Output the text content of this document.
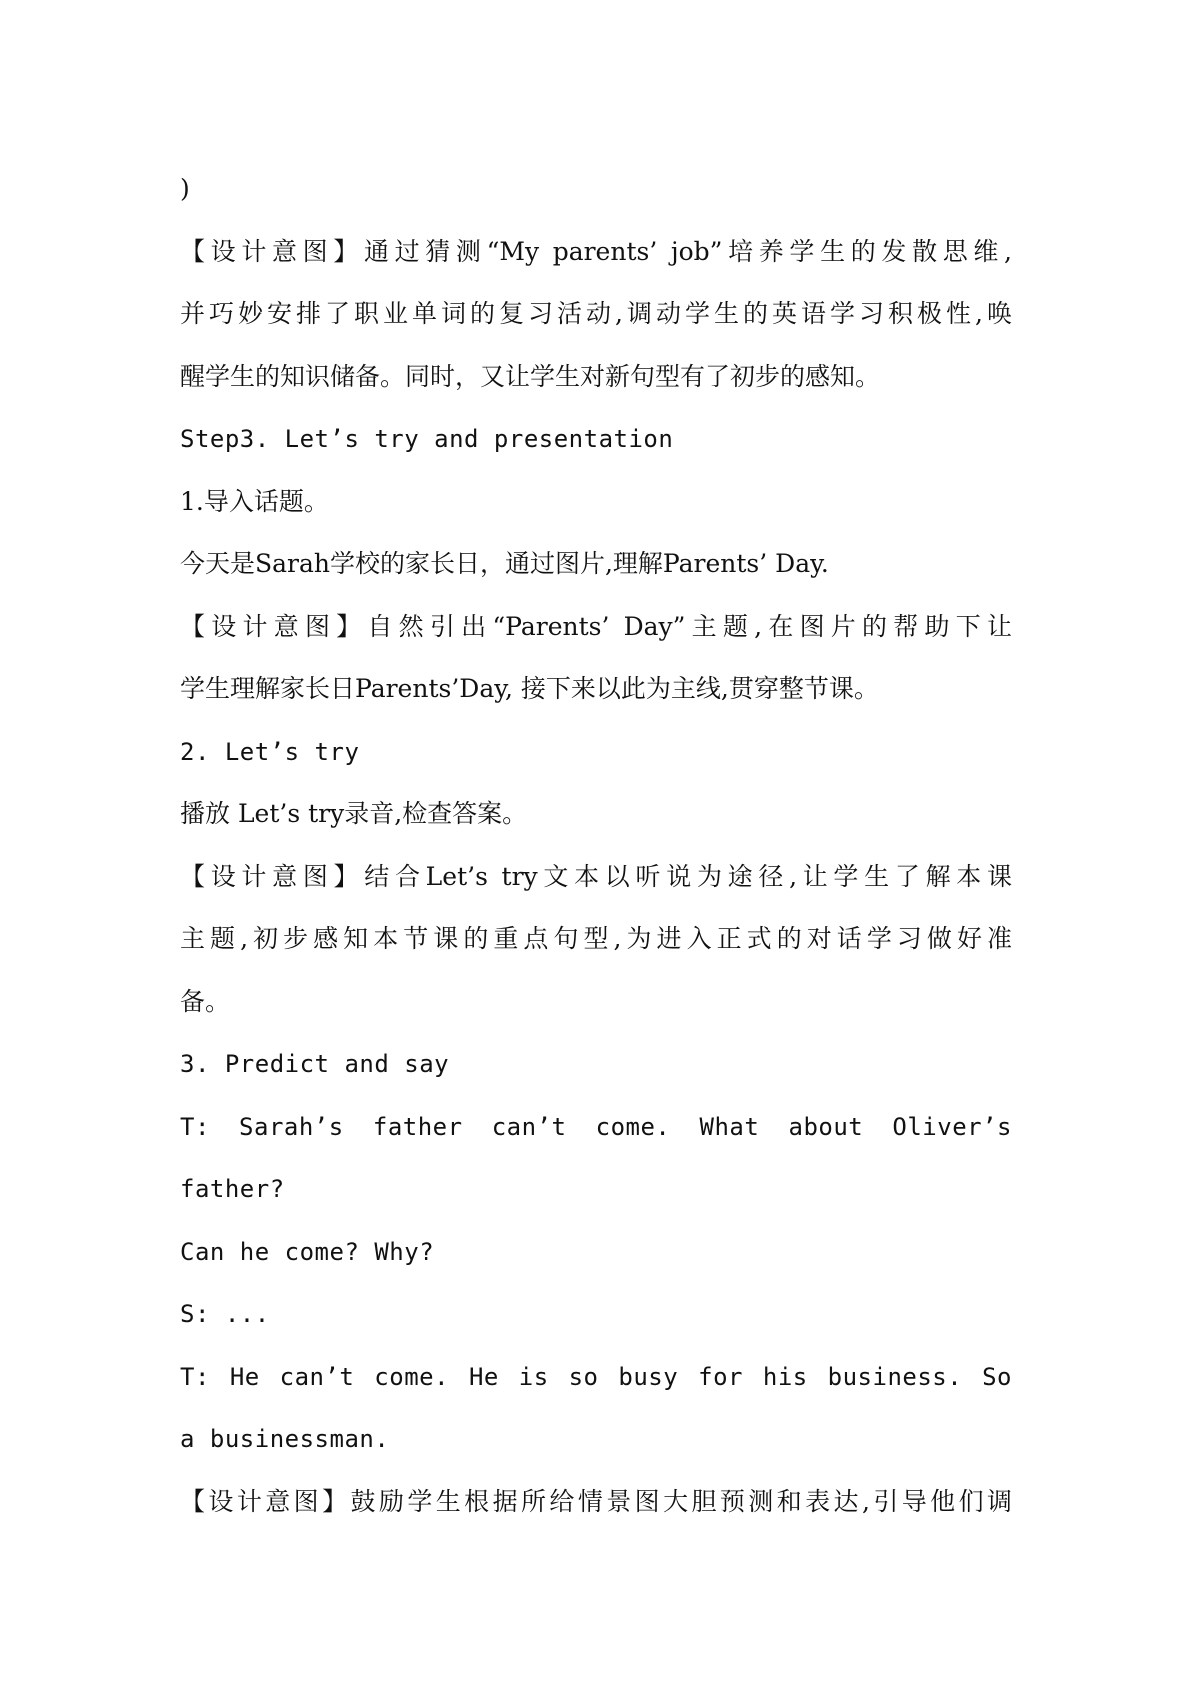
)
【设计意图】通过猜测“My parents’ job”培养学生的发散思维,
并巧妙安排了职业单词的复习活动,调动学生的英语学习积极性,唤
醒学生的知识储备。同时，又让学生对新句型有了初步的感知。
Step3. Let’s try and presentation
1.导入话题。
今天是Sarah学校的家长日，通过图片,理解Parents’ Day.
【设计意图】自然引出“Parents’ Day”主题,在图片的帮助下让
学生理解家长日Parents’Day, 接下来以此为主线,贯穿整节课。
2. Let’s try
播放 Let’s try录音,检查答案。
【设计意图】结合Let’s try文本以听说为途径,让学生了解本课
主题,初步感知本节课的重点句型,为进入正式的对话学习做好准
备。
3. Predict and say
T: Sarah’s father can’t come. What about Oliver’s
father?
Can he come? Why?
S: ...
T: He can’t come. He is so busy for his business. So
a businessman.
【设计意图】鼓励学生根据所给情景图大胆预测和表达,引导他们调
